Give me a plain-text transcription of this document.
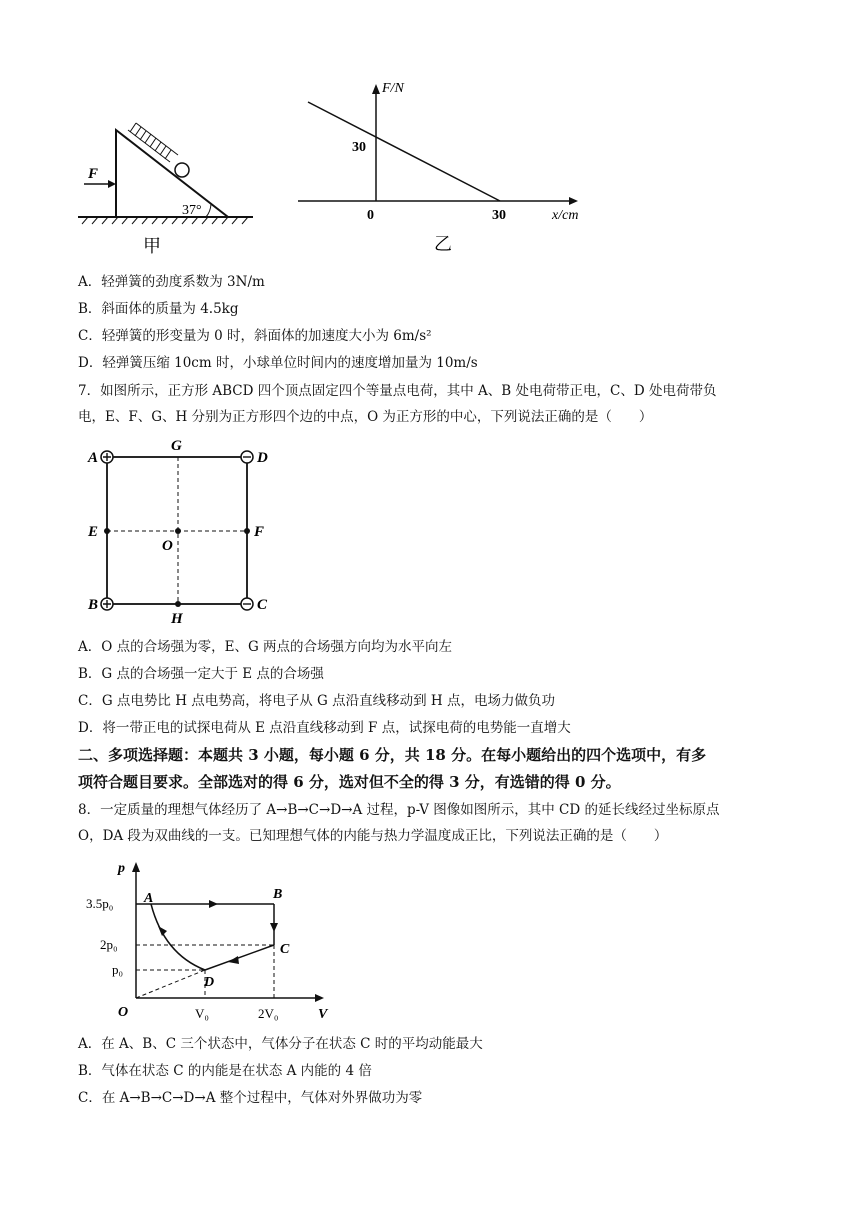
F
37°
甲
F/N
30
0	30	x/cm
乙
A．轻弹簧的劲度系数为 3N/m
B．斜面体的质量为 4.5kg
C．轻弹簧的形变量为 0 时，斜面体的加速度大小为 6m/s²
D．轻弹簧压缩 10cm 时，小球单位时间内的速度增加量为 10m/s
7．如图所示，正方形 ABCD 四个顶点固定四个等量点电荷，其中 A、B 处电荷带正电，C、D 处电荷带负
电，E、F、G、H 分别为正方形四个边的中点，O 为正方形的中心，下列说法正确的是（　　）
A
G
D
E
O
F
B
H
C
A．O 点的合场强为零，E、G 两点的合场强方向均为水平向左
B．G 点的合场强一定大于 E 点的合场强
C．G 点电势比 H 点电势高，将电子从 G 点沿直线移动到 H 点，电场力做负功
D．将一带正电的试探电荷从 E 点沿直线移动到 F 点，试探电荷的电势能一直增大
二、多项选择题：本题共 3 小题，每小题 6 分，共 18 分。在每小题给出的四个选项中，有多
项符合题目要求。全部选对的得 6 分，选对但不全的得 3 分，有选错的得 0 分。
8．一定质量的理想气体经历了 A→B→C→D→A 过程，p-V 图像如图所示，其中 CD 的延长线经过坐标原点
O，DA 段为双曲线的一支。已知理想气体的内能与热力学温度成正比，下列说法正确的是（　　）
p
V
O
A	B
C
D
3.5p₀
2p₀
p₀
V₀	2V₀
A．在 A、B、C 三个状态中，气体分子在状态 C 时的平均动能最大
B．气体在状态 C 的内能是在状态 A 内能的 4 倍
C．在 A→B→C→D→A 整个过程中，气体对外界做功为零
